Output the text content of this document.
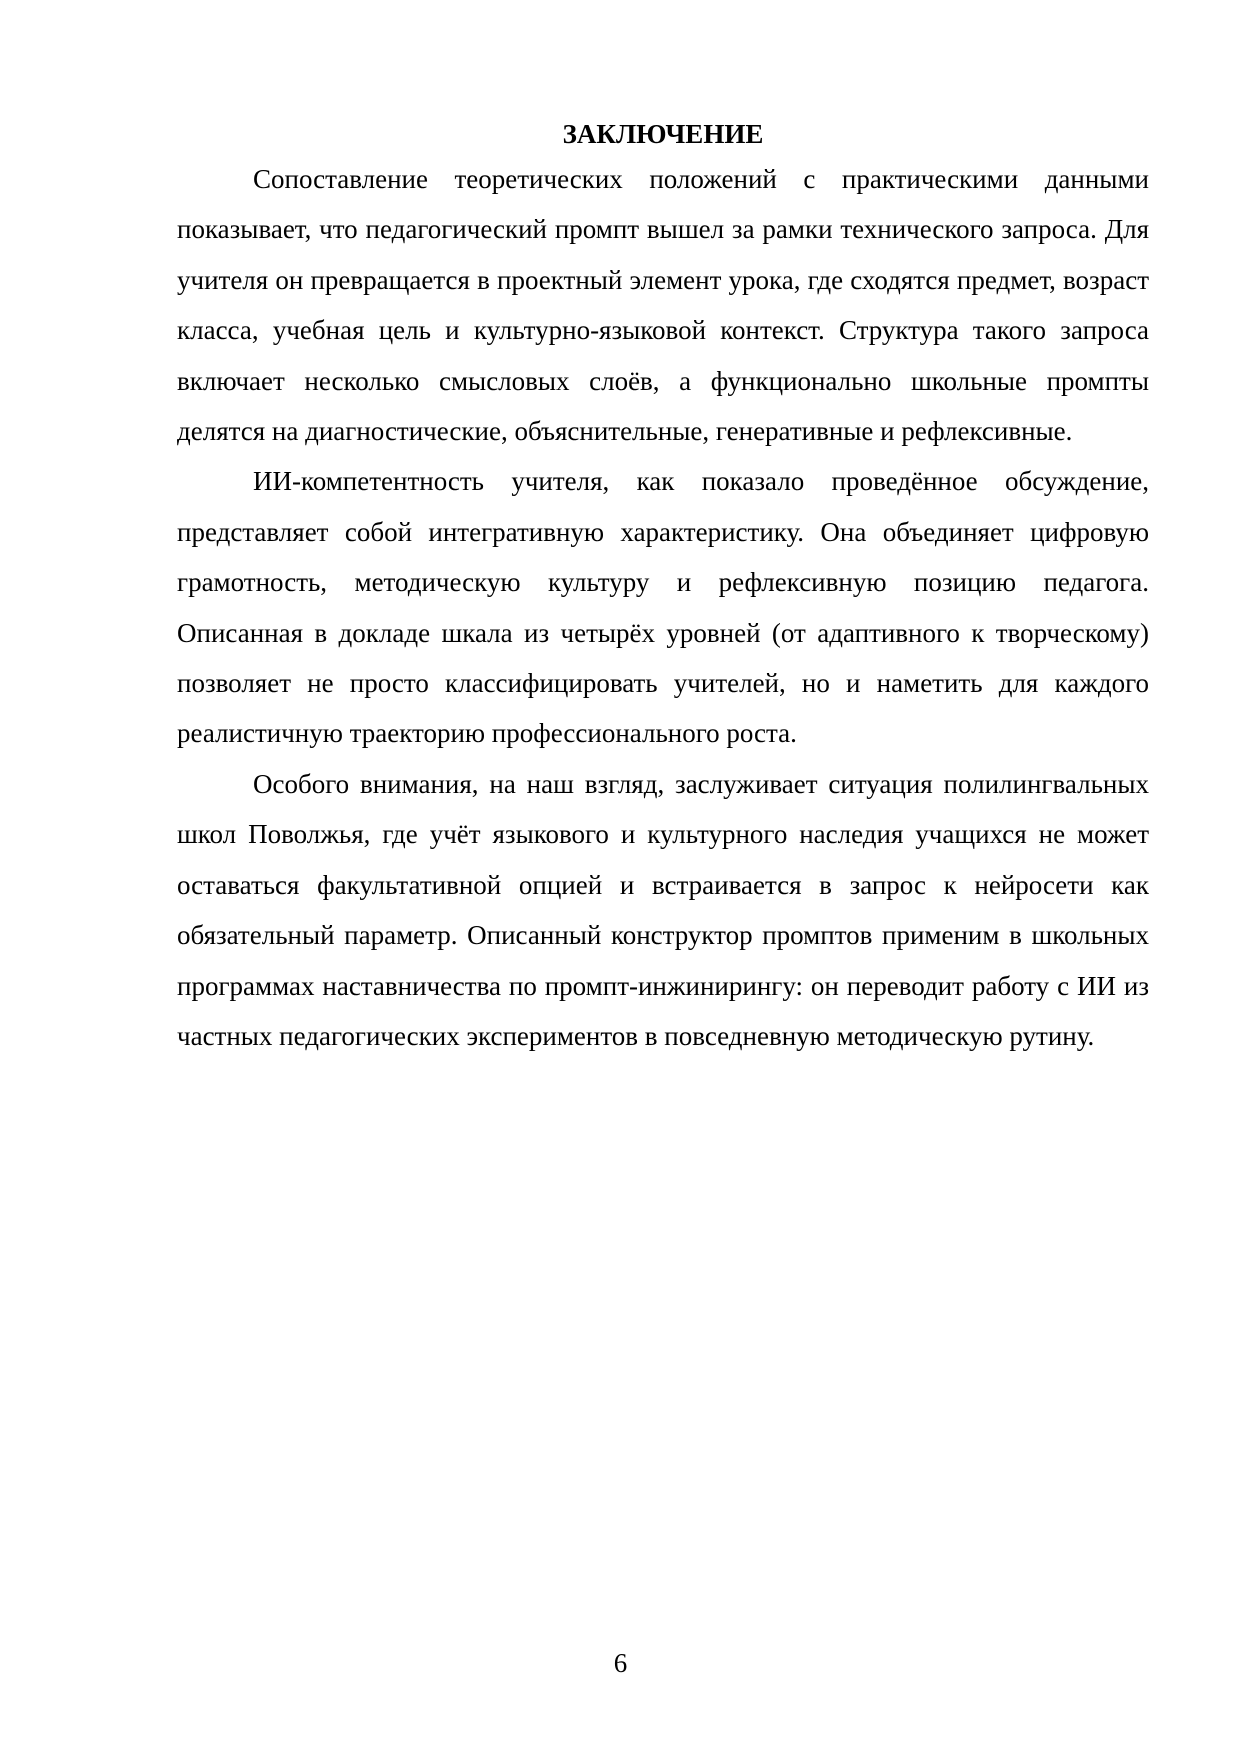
ЗАКЛЮЧЕНИЕ

Сопоставление теоретических положений с практическими данными показывает, что педагогический промпт вышел за рамки технического запроса. Для учителя он превращается в проектный элемент урока, где сходятся предмет, возраст класса, учебная цель и культурно-языковой контекст. Структура такого запроса включает несколько смысловых слоёв, а функционально школьные промпты делятся на диагностические, объяснительные, генеративные и рефлексивные.

ИИ-компетентность учителя, как показало проведённое обсуждение, представляет собой интегративную характеристику. Она объединяет цифровую грамотность, методическую культуру и рефлексивную позицию педагога. Описанная в докладе шкала из четырёх уровней (от адаптивного к творческому) позволяет не просто классифицировать учителей, но и наметить для каждого реалистичную траекторию профессионального роста.

Особого внимания, на наш взгляд, заслуживает ситуация полилингвальных школ Поволжья, где учёт языкового и культурного наследия учащихся не может оставаться факультативной опцией и встраивается в запрос к нейросети как обязательный параметр. Описанный конструктор промптов применим в школьных программах наставничества по промпт-инжинирингу: он переводит работу с ИИ из частных педагогических экспериментов в повседневную методическую рутину.

6
